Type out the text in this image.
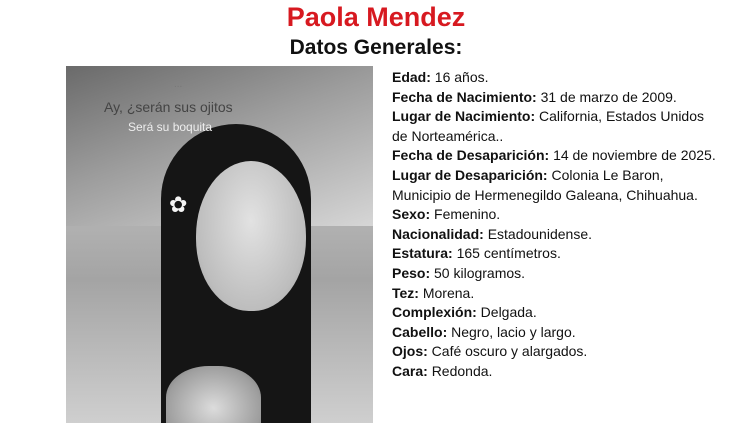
Paola Mendez
Datos Generales:
✿
...
Ay, ¿serán sus ojitos
Será su boquita

Edad: 16 años.

Fecha de Nacimiento: 31 de marzo de 2009.

Lugar de Nacimiento: California, Estados Unidos de Norteamérica..

Fecha de Desaparición: 14 de noviembre de 2025.

Lugar de Desaparición: Colonia Le Baron, Municipio de Hermenegildo Galeana, Chihuahua.

Sexo: Femenino.

Nacionalidad: Estadounidense.

Estatura: 165 centímetros.

Peso: 50 kilogramos.

Tez: Morena.

Complexión: Delgada.

Cabello: Negro, lacio y largo.

Ojos: Café oscuro y alargados.

Cara: Redonda.
